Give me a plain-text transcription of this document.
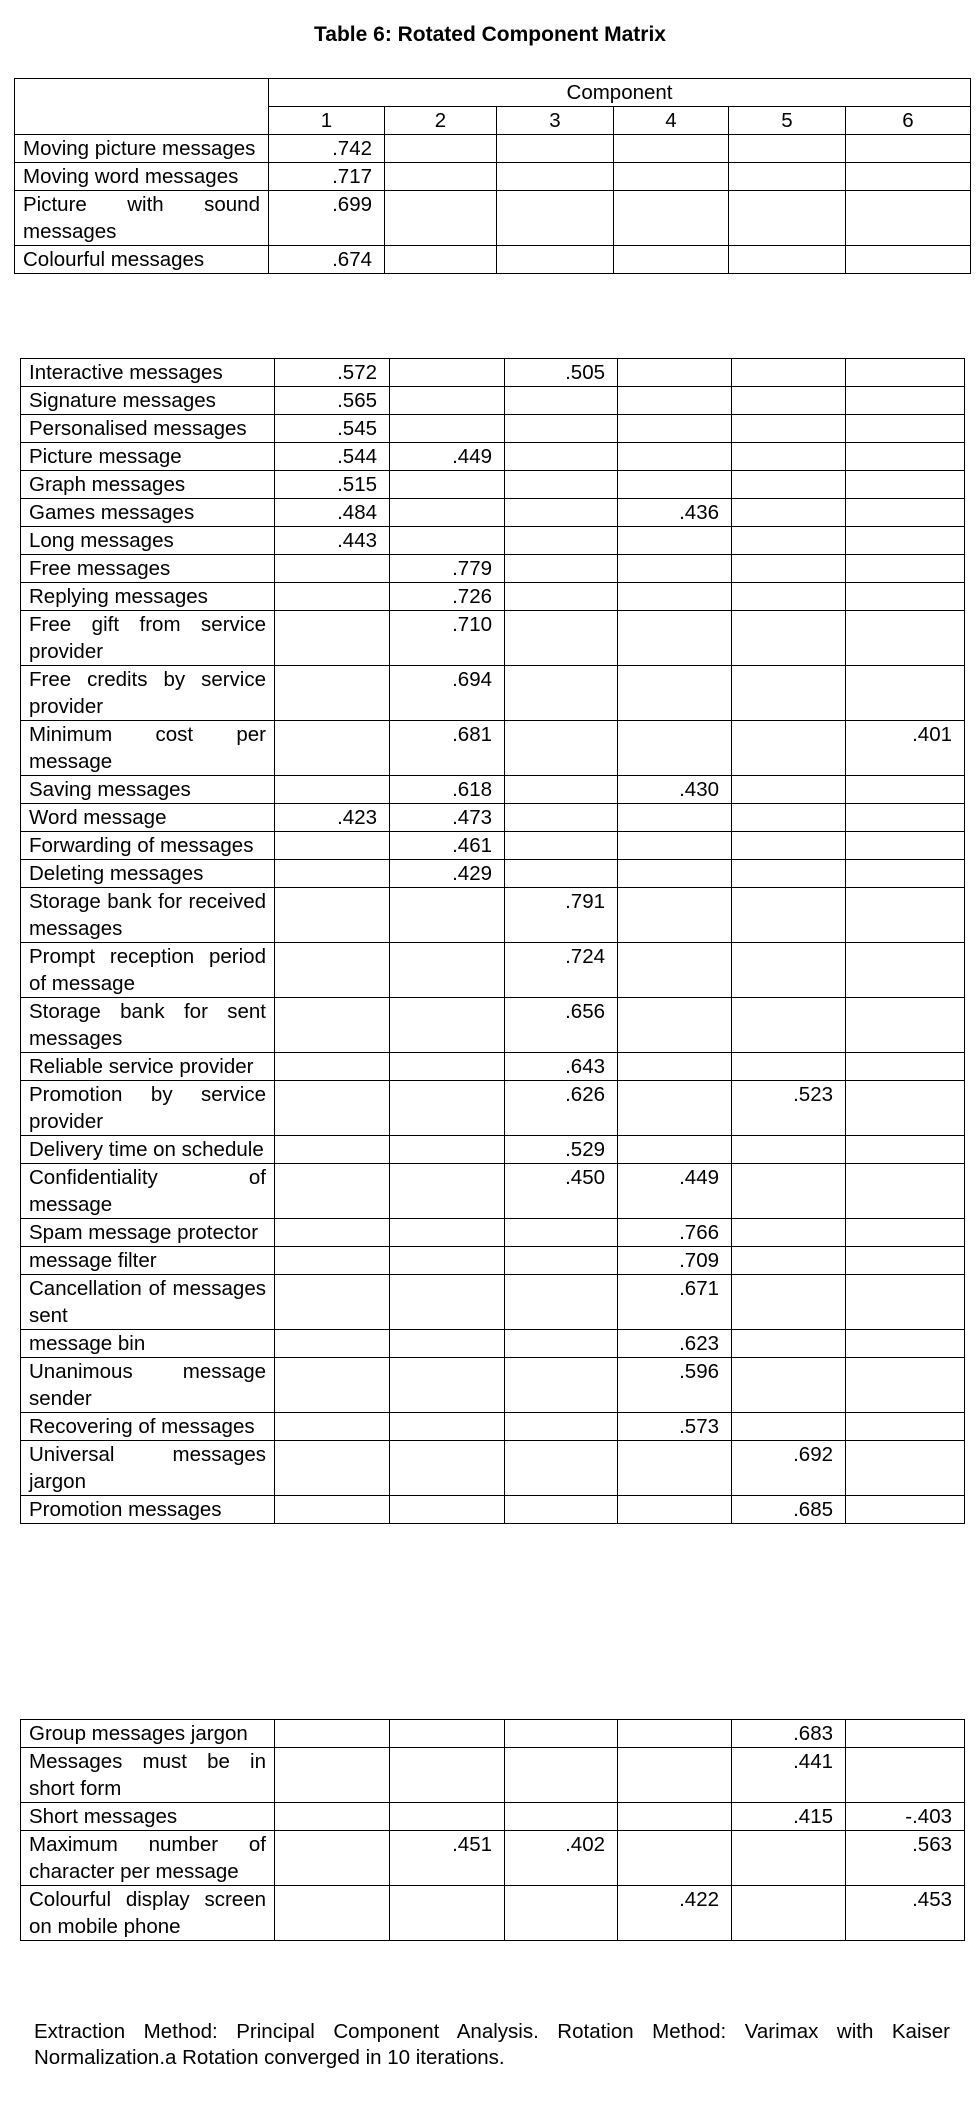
Table 6: Rotated Component Matrix
	Component					
	1	2	3	4	5	6
Moving picture messages	.742					
Moving word messages	.717					
Picture with sound messages	.699					
Colourful messages	.674					
Interactive messages	.572		.505			
Signature messages	.565					
Personalised messages	.545					
Picture message	.544	.449				
Graph messages	.515					
Games messages	.484			.436		
Long messages	.443					
Free messages		.779				
Replying messages		.726				
Free gift from service provider		.710				
Free credits by service provider		.694				
Minimum cost per message		.681				.401
Saving messages		.618		.430		
Word message	.423	.473				
Forwarding of messages		.461				
Deleting messages		.429				
Storage bank for received messages			.791			
Prompt reception period of message			.724			
Storage bank for sent messages			.656			
Reliable service provider			.643			
Promotion by service provider			.626		.523	
Delivery time on schedule			.529			
Confidentiality of message			.450	.449		
Spam message protector				.766		
message filter				.709		
Cancellation of messages sent				.671		
message bin				.623		
Unanimous message sender				.596		
Recovering of messages				.573		
Universal messages jargon					.692	
Promotion messages					.685	
Group messages jargon					.683	
Messages must be in short form					.441	
Short messages					.415	-.403
Maximum number of character per message		.451	.402			.563
Colourful display screen on mobile phone				.422		.453
Extraction Method: Principal Component Analysis. Rotation Method: Varimax with Kaiser Normalization.a Rotation converged in 10 iterations.
